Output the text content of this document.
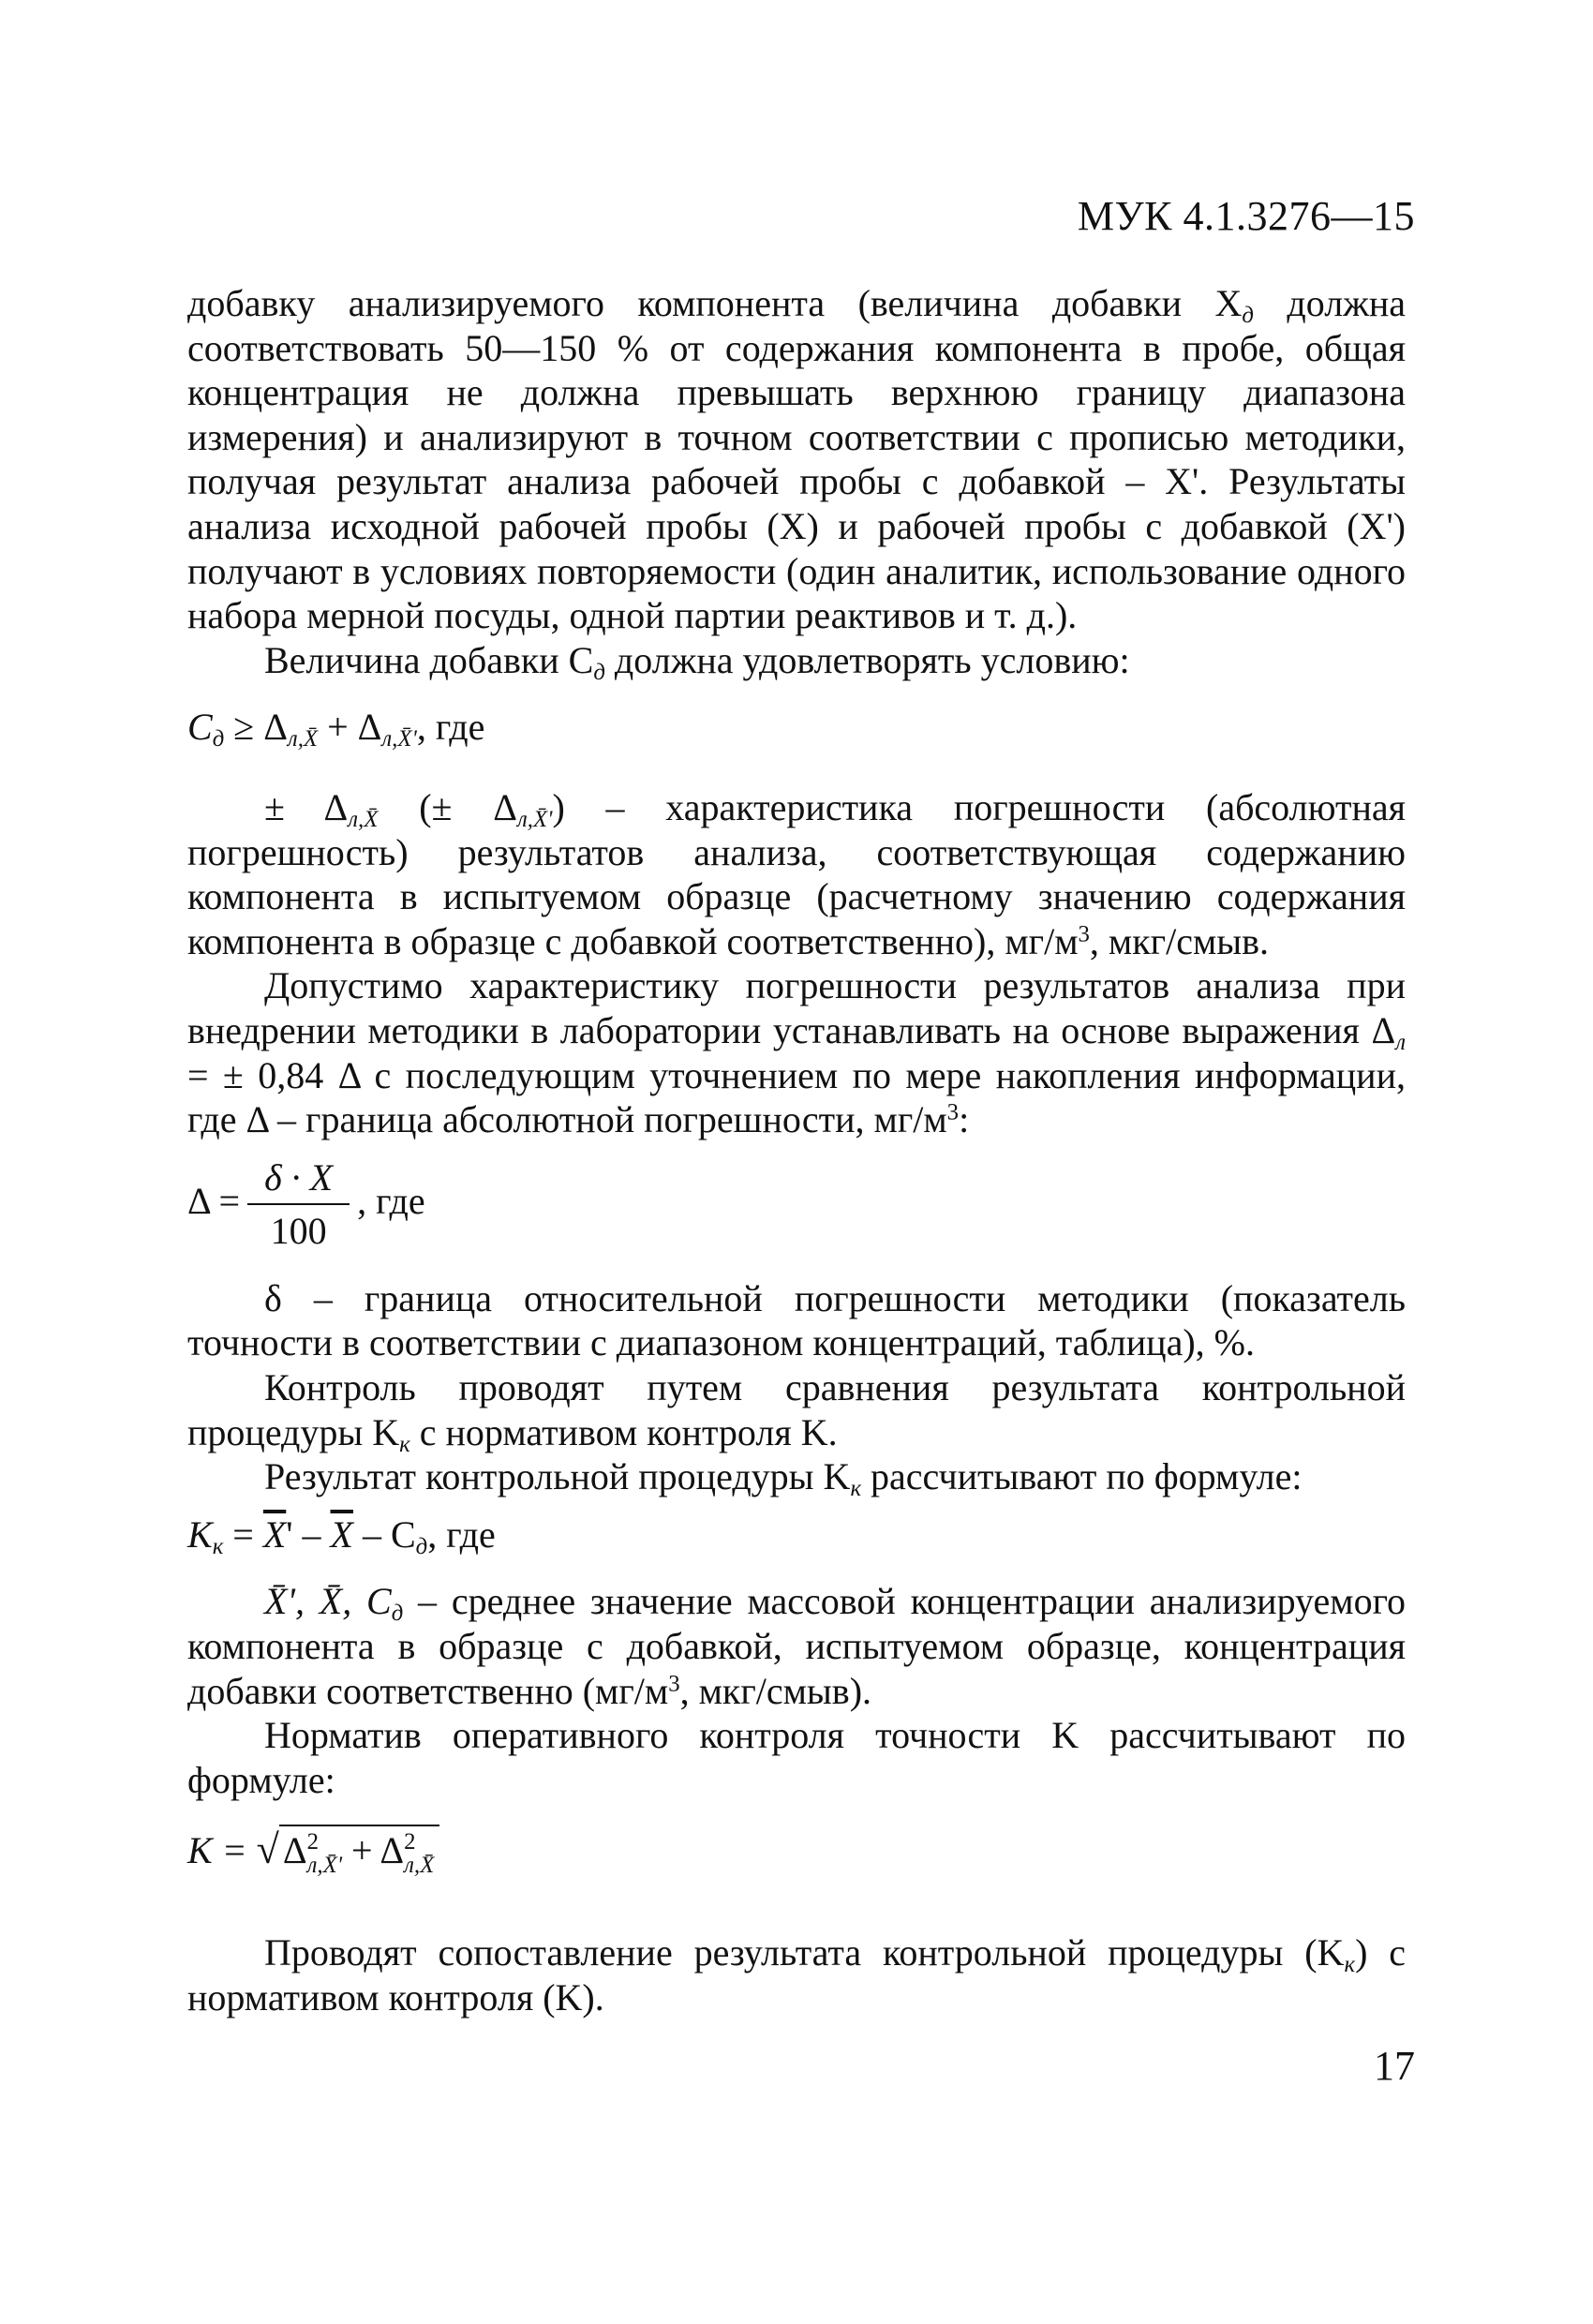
МУК 4.1.3276—15

добавку анализируемого компонента (величина добавки $X_д$ должна соответствовать 50—150 % от содержания компонента в пробе, общая концентрация не должна превышать верхнюю границу диапазона измерения) и анализируют в точном соответствии с прописью методики, получая результат анализа рабочей пробы с добавкой – X'. Результаты анализа исходной рабочей пробы (X) и рабочей пробы с добавкой (X') получают в условиях повторяемости (один аналитик, использование одного набора мерной посуды, одной партии реактивов и т. д.).

Величина добавки $C_д$ должна удовлетворять условию:

$C_д \ge \Delta_{л,X̄} + \Delta_{л,X̄'}$, где

± $\Delta_{л,X̄}$ (± $\Delta_{л,X̄'}$) – характеристика погрешности (абсолютная погрешность) результатов анализа, соответствующая содержанию компонента в испытуемом образце (расчетному значению содержания компонента в образце с добавкой соответственно), $мг/м^3$, мкг/смыв.

Допустимо характеристику погрешности результатов анализа при внедрении методики в лаборатории устанавливать на основе выражения $\Delta_л$ = ± 0,84 Δ с последующим уточнением по мере накопления информации, где Δ – граница абсолютной погрешности, $мг/м^3$:

$\Delta = \frac{\delta \cdot X}{100}$ , где

δ – граница относительной погрешности методики (показатель точности в соответствии с диапазоном концентраций, таблица), %.

Контроль проводят путем сравнения результата контрольной процедуры $K_к$ с нормативом контроля K.

Результат контрольной процедуры $K_к$ рассчитывают по формуле:

$K_к = \overline{X}' - \overline{X} - C_д$, где

X̄', X̄, $C_д$ – среднее значение массовой концентрации анализируемого компонента в образце с добавкой, испытуемом образце, концентрация добавки соответственно ($мг/м^3$, мкг/смыв).

Норматив оперативного контроля точности K рассчитывают по формуле:

K = √ Δ 2
л,X̄' + Δ 2
л,X̄

Проводят сопоставление результата контрольной процедуры $(K_к)$ с нормативом контроля (K).

17
